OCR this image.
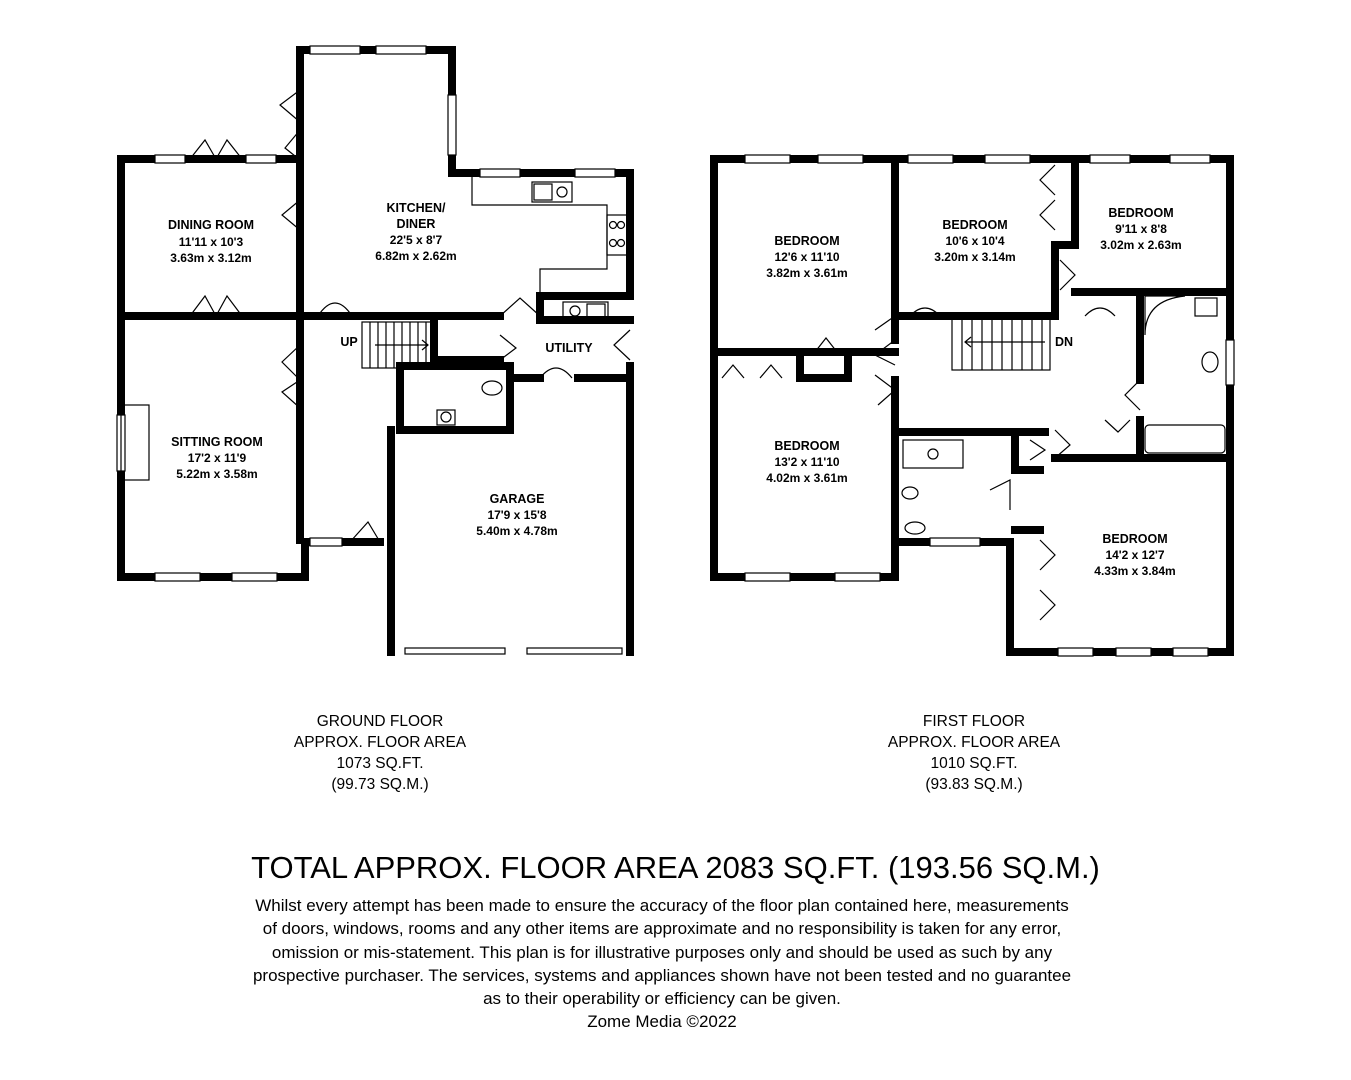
DINING ROOM
11'11 x 10'3
3.63m x 3.12m
KITCHEN/
DINER
22'5 x 8'7
6.82m x 2.62m
SITTING ROOM
17'2 x 11'9
5.22m x 3.58m
GARAGE
17'9 x 15'8
5.40m x 4.78m
UTILITY
UP
BEDROOM
12'6 x 11'10
3.82m x 3.61m
BEDROOM
10'6 x 10'4
3.20m x 3.14m
BEDROOM
9'11 x 8'8
3.02m x 2.63m
BEDROOM
13'2 x 11'10
4.02m x 3.61m
BEDROOM
14'2 x 12'7
4.33m x 3.84m
DN
GROUND FLOOR
APPROX. FLOOR AREA
1073 SQ.FT.
(99.73 SQ.M.)
FIRST FLOOR
APPROX. FLOOR AREA
1010 SQ.FT.
(93.83 SQ.M.)
TOTAL APPROX. FLOOR AREA 2083 SQ.FT. (193.56 SQ.M.)
Whilst every attempt has been made to ensure the accuracy of the floor plan contained here, measurements
of doors, windows, rooms and any other items are approximate and no responsibility is taken for any error,
omission or mis-statement. This plan is for illustrative purposes only and should be used as such by any
prospective purchaser. The services, systems and appliances shown have not been tested and no guarantee
as to their operability or efficiency can be given.
Zome Media ©2022
